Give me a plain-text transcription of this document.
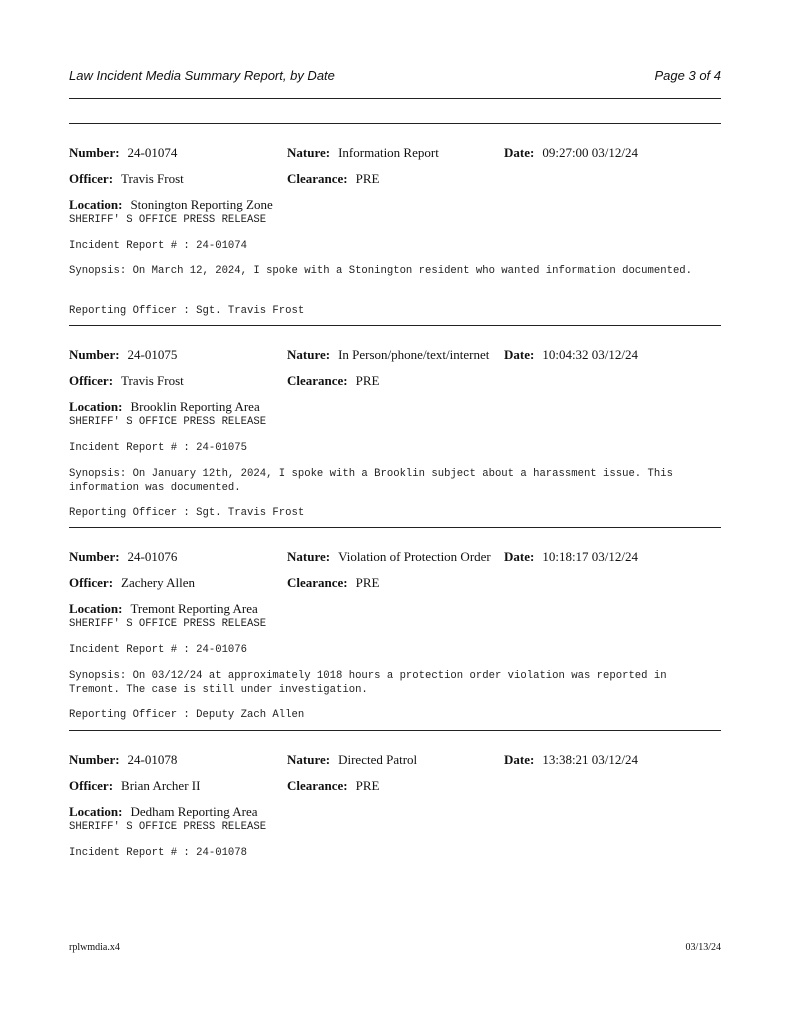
Law Incident Media Summary Report, by Date	Page 3 of 4
Number: 24-01074	Nature: Information Report	Date: 09:27:00 03/12/24
Officer: Travis Frost	Clearance: PRE
Location: Stonington Reporting Zone
SHERIFF' S OFFICE PRESS RELEASE
Incident Report # : 24-01074
Synopsis: On March 12, 2024, I spoke with a Stonington resident who wanted information documented.
Reporting Officer : Sgt. Travis Frost
Number: 24-01075	Nature: In Person/phone/text/internet Date: 10:04:32 03/12/24
Officer: Travis Frost	Clearance: PRE
Location: Brooklin Reporting Area
SHERIFF' S OFFICE PRESS RELEASE
Incident Report # : 24-01075
Synopsis: On January 12th, 2024, I spoke with a Brooklin subject about a harassment issue. This information was documented.
Reporting Officer : Sgt. Travis Frost
Number: 24-01076	Nature: Violation of Protection Order Date: 10:18:17 03/12/24
Officer: Zachery Allen	Clearance: PRE
Location: Tremont Reporting Area
SHERIFF' S OFFICE PRESS RELEASE
Incident Report # : 24-01076
Synopsis: On 03/12/24 at approximately 1018 hours a protection order violation was reported in Tremont. The case is still under investigation.
Reporting Officer : Deputy Zach Allen
Number: 24-01078	Nature: Directed Patrol	Date: 13:38:21 03/12/24
Officer: Brian Archer II	Clearance: PRE
Location: Dedham Reporting Area
SHERIFF' S OFFICE PRESS RELEASE
Incident Report # : 24-01078
rplwmdia.x4	03/13/24
